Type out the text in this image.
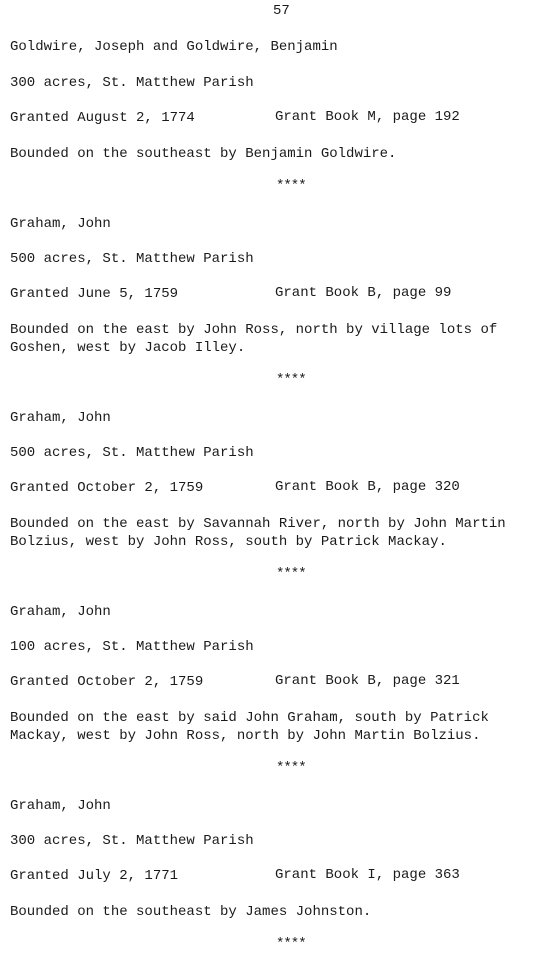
57
Goldwire, Joseph and Goldwire, Benjamin
300 acres, St. Matthew Parish
Granted August 2, 1774	Grant Book M, page 192
Bounded on the southeast by Benjamin Goldwire.
****
Graham, John
500 acres, St. Matthew Parish
Granted June 5, 1759	Grant Book B, page 99
Bounded on the east by John Ross, north by village lots of
Goshen, west by Jacob Illey.
****
Graham, John
500 acres, St. Matthew Parish
Granted October 2, 1759	Grant Book B, page 320
Bounded on the east by Savannah River, north by John Martin
Bolzius, west by John Ross, south by Patrick Mackay.
****
Graham, John
100 acres, St. Matthew Parish
Granted October 2, 1759	Grant Book B, page 321
Bounded on the east by said John Graham, south by Patrick
Mackay, west by John Ross, north by John Martin Bolzius.
****
Graham, John
300 acres, St. Matthew Parish
Granted July 2, 1771	Grant Book I, page 363
Bounded on the southeast by James Johnston.
****
